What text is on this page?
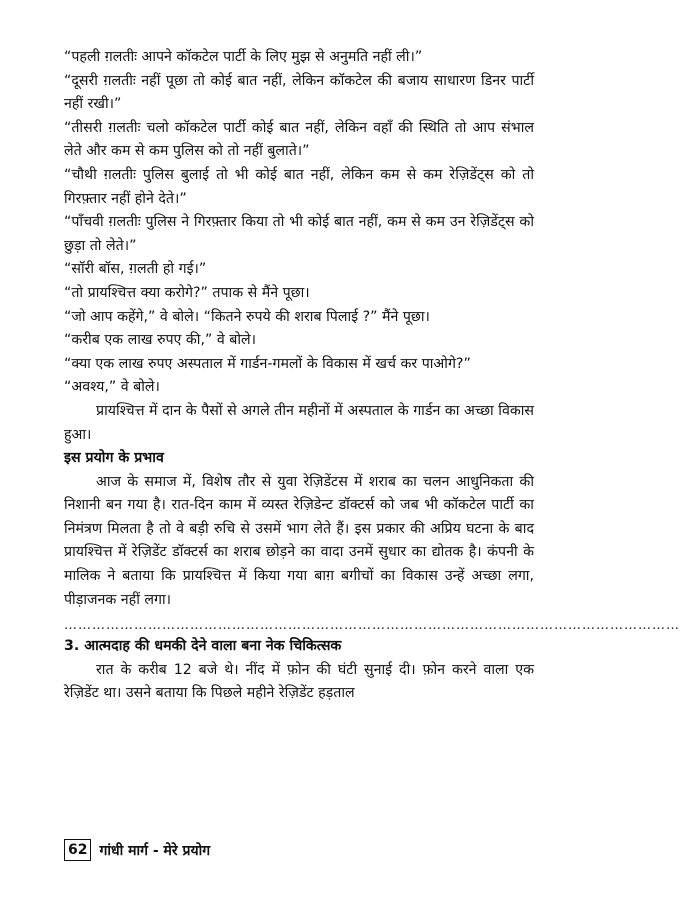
“पहली ग़लतीः आपने कॉकटेल पार्टी के लिए मुझ से अनुमति नहीं ली।”

“दूसरी ग़लतीः नहीं पूछा तो कोई बात नहीं, लेकिन कॉकटेल की बजाय साधारण डिनर पार्टी नहीं रखी।”

“तीसरी ग़लतीः चलो कॉकटेल पार्टी कोई बात नहीं, लेकिन वहाँ की स्थिति तो आप संभाल लेते और कम से कम पुलिस को तो नहीं बुलाते।”

“चौथी ग़लतीः पुलिस बुलाई तो भी कोई बात नहीं, लेकिन कम से कम रेज़िडेंट्स को तो गिरफ़्तार नहीं होने देते।”

“पाँचवी ग़लतीः पुलिस ने गिरफ़्तार किया तो भी कोई बात नहीं, कम से कम उन रेज़िडेंट्स को छुड़ा तो लेते।”

“सॉरी बॉस, ग़लती हो गई।”

“तो प्रायश्चित्त क्या करोगे?” तपाक से मैंने पूछा।

“जो आप कहेंगे,” वे बोले। “कितने रुपये की शराब पिलाई ?” मैंने पूछा।

“करीब एक लाख रुपए की,” वे बोले।

“क्या एक लाख रुपए अस्पताल में गार्डन-गमलों के विकास में खर्च कर पाओगे?”

“अवश्य,” वे बोले।

प्रायश्चित्त में दान के पैसों से अगले तीन महीनों में अस्पताल के गार्डन का अच्छा विकास हुआ।

इस प्रयोग के प्रभाव

आज के समाज में, विशेष तौर से युवा रेज़िडेंटस में शराब का चलन आधुनिकता की निशानी बन गया है। रात-दिन काम में व्यस्त रेज़िडेन्ट डॉक्टर्स को जब भी कॉकटेल पार्टी का निमंत्रण मिलता है तो वे बड़ी रुचि से उसमें भाग लेते हैं। इस प्रकार की अप्रिय घटना के बाद प्रायश्चित्त में रेज़िडेंट डॉक्टर्स का शराब छोड़ने का वादा उनमें सुधार का द्योतक है। कंपनी के मालिक ने बताया कि प्रायश्चित्त में किया गया बाग़ बगीचों का विकास उन्हें अच्छा लगा, पीड़ाजनक नहीं लगा।

……………………………………………………………………………………………………………………

3. आत्मदाह की धमकी देने वाला बना नेक चिकित्सक

रात के करीब 12 बजे थे। नींद में फ़ोन की घंटी सुनाई दी। फ़ोन करने वाला एक रेज़िडेंट था। उसने बताया कि पिछले महीने रेज़िडेंट हड़ताल

62 गांधी मार्ग - मेरे प्रयोग
